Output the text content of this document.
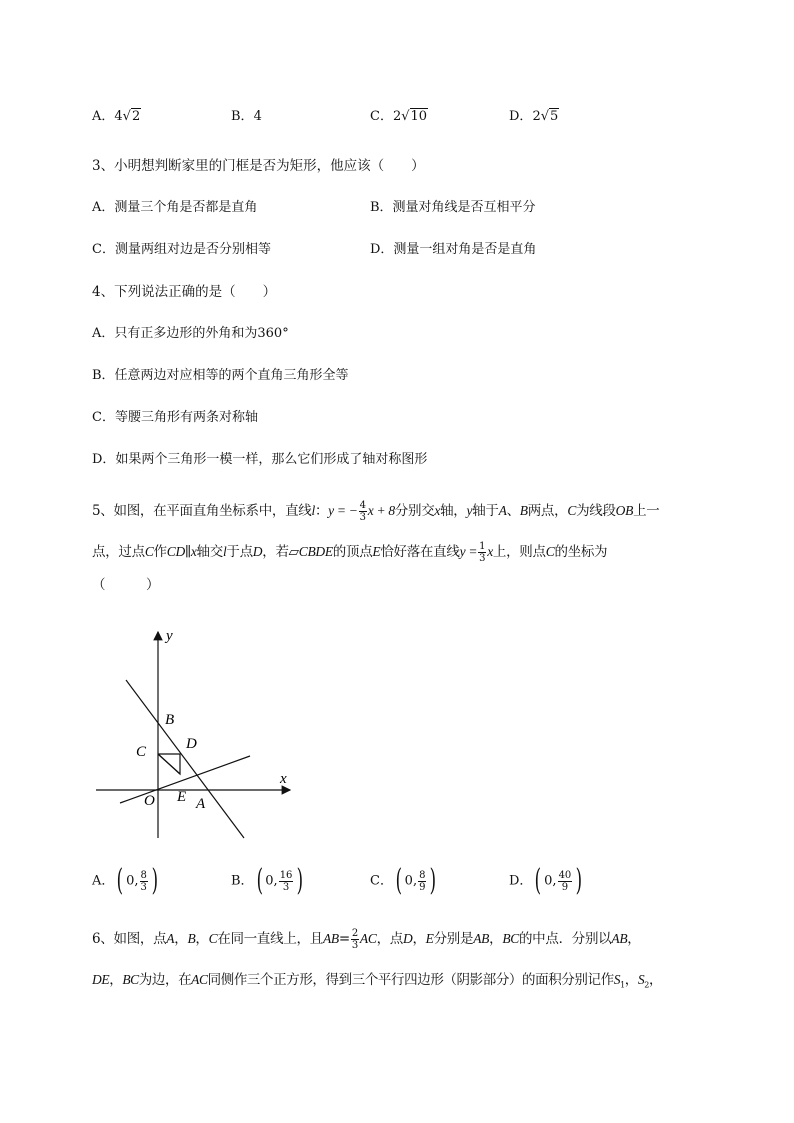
A．4√2	B．4	C．2√10	D．2√5
3、小明想判断家里的门框是否为矩形，他应该（　　）
A．测量三个角是否都是直角	B．测量对角线是否互相平分
C．测量两组对边是否分别相等	D．测量一组对角是否是直角
4、下列说法正确的是（　　）
A．只有正多边形的外角和为360°
B．任意两边对应相等的两个直角三角形全等
C．等腰三角形有两条对称轴
D．如果两个三角形一模一样，那么它们形成了轴对称图形
5、如图，在平面直角坐标系中，直线l：y = − $\frac{4}{3}$ x + 8分别交x轴，y轴于A、B两点，C为线段OB上一
点，过点C作CD∥x轴交l于点D，若▱CBDE的顶点E恰好落在直线$y = \frac{1}{3}$ x上，则点C的坐标为
（　　　）
y
x
B
C	D
O E A
A．( 0, $\frac{8}{3}$ )	B．( 0, $\frac{16}{3}$ )	C．( 0, $\frac{8}{9}$ )	D．( 0, $\frac{40}{9}$ )
6、如图，点A，B，C在同一直线上，且$AB= \frac{2}{3}$ AC，点D，E分别是AB，BC的中点．分别以AB，
DE，BC为边，在AC同侧作三个正方形，得到三个平行四边形（阴影部分）的面积分别记作$S_1$，$S_2$，
